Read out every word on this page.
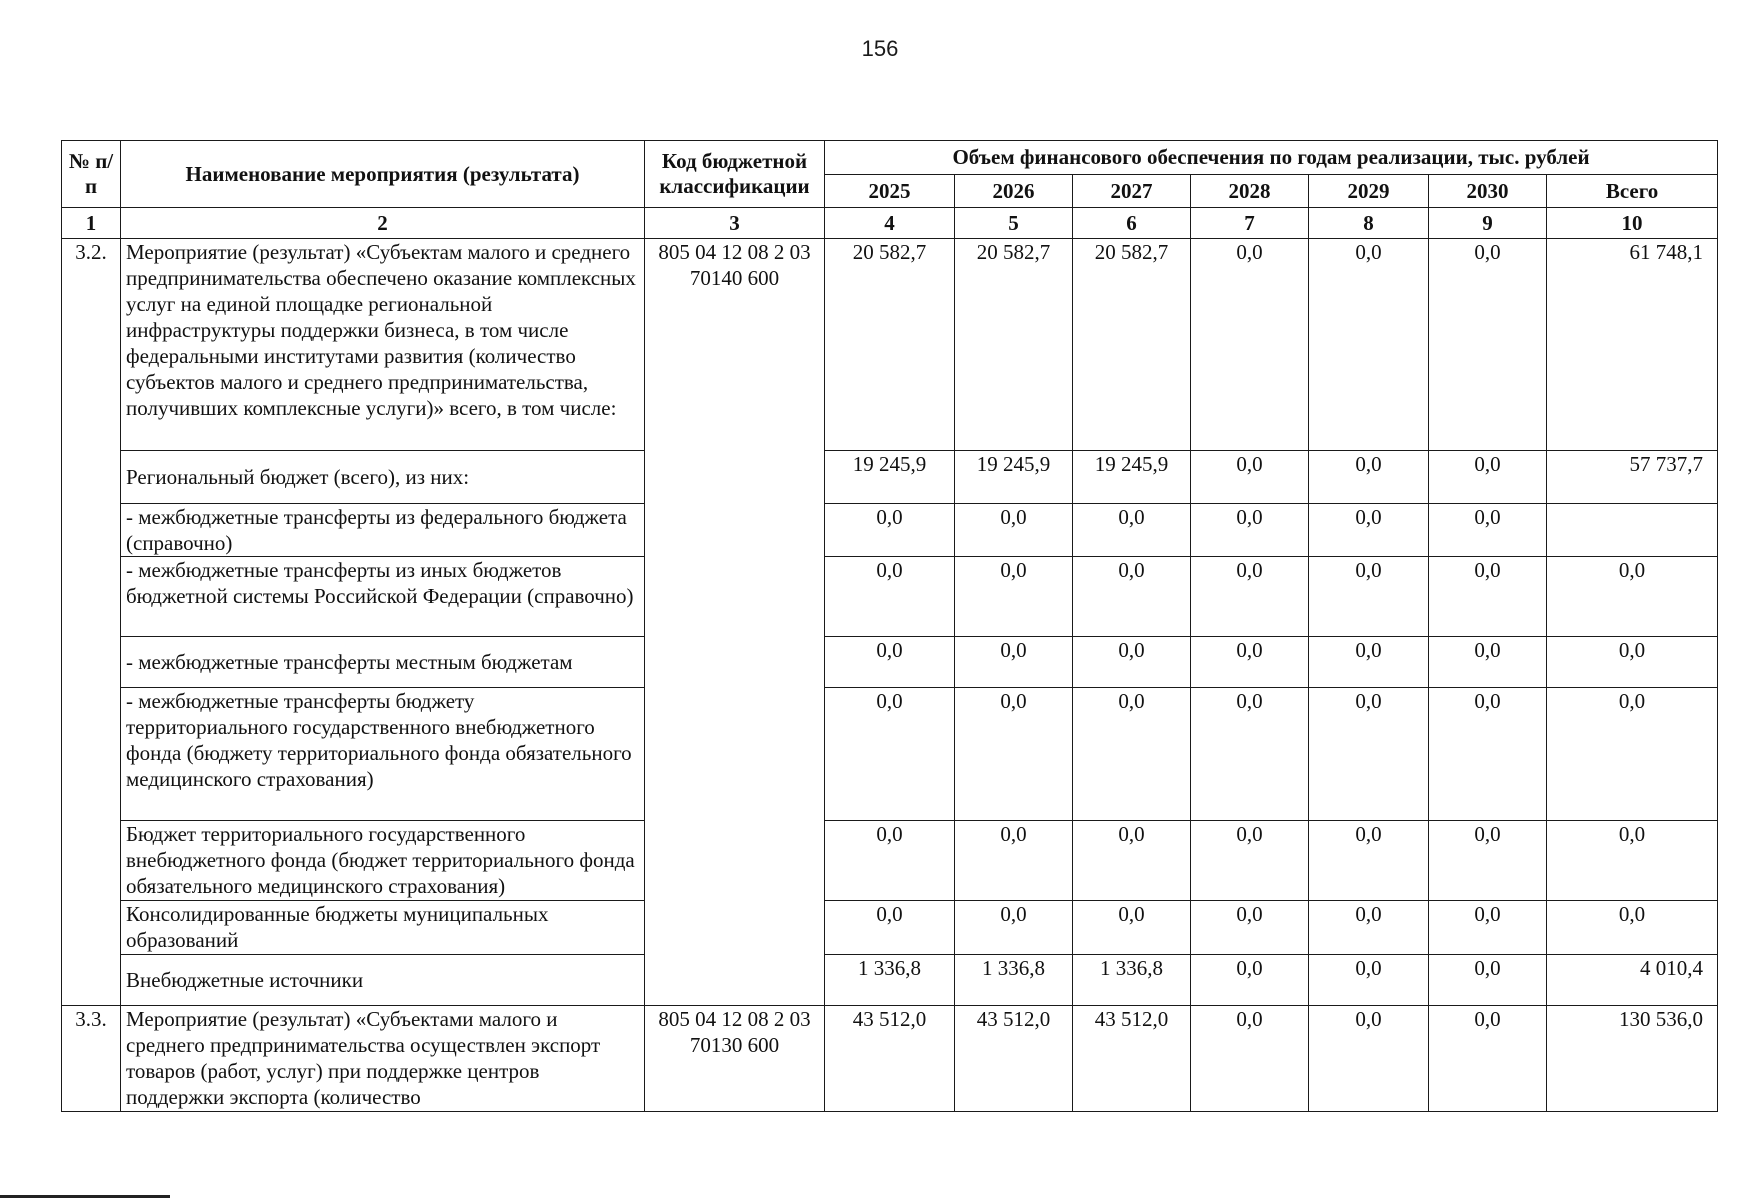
156
№ п/п	Наименование мероприятия (результата)	Код бюджетной классификации	Объем финансового обеспечения по годам реализации, тыс. рублей						
			2025	2026	2027	2028	2029	2030	Всего
1	2	3	4	5	6	7	8	9	10
3.2.	Мероприятие (результат) «Субъектам малого и среднего предпринимательства обеспечено оказание комплексных услуг на единой площадке региональной инфраструктуры поддержки бизнеса, в том числе федеральными институтами развития (количество субъектов малого и среднего предпринимательства, получивших комплексные услуги)» всего, в том числе:	805 04 12 08 2 03 70140 600	20 582,7	20 582,7	20 582,7	0,0	0,0	0,0	61 748,1
	Региональный бюджет (всего), из них:		19 245,9	19 245,9	19 245,9	0,0	0,0	0,0	57 737,7
	- межбюджетные трансферты из федерального бюджета (справочно)		0,0	0,0	0,0	0,0	0,0	0,0	
	- межбюджетные трансферты из иных бюджетов бюджетной системы Российской Федерации (справочно)		0,0	0,0	0,0	0,0	0,0	0,0	0,0
	- межбюджетные трансферты местным бюджетам		0,0	0,0	0,0	0,0	0,0	0,0	0,0
	- межбюджетные трансферты бюджету территориального государственного внебюджетного фонда (бюджету территориального фонда обязательного медицинского страхования)		0,0	0,0	0,0	0,0	0,0	0,0	0,0
	Бюджет территориального государственного внебюджетного фонда (бюджет территориального фонда обязательного медицинского страхования)		0,0	0,0	0,0	0,0	0,0	0,0	0,0
	Консолидированные бюджеты муниципальных образований		0,0	0,0	0,0	0,0	0,0	0,0	0,0
	Внебюджетные источники		1 336,8	1 336,8	1 336,8	0,0	0,0	0,0	4 010,4
3.3.	Мероприятие (результат) «Субъектами малого и среднего предпринимательства осуществлен экспорт товаров (работ, услуг) при поддержке центров поддержки экспорта (количество	805 04 12 08 2 03 70130 600	43 512,0	43 512,0	43 512,0	0,0	0,0	0,0	130 536,0
